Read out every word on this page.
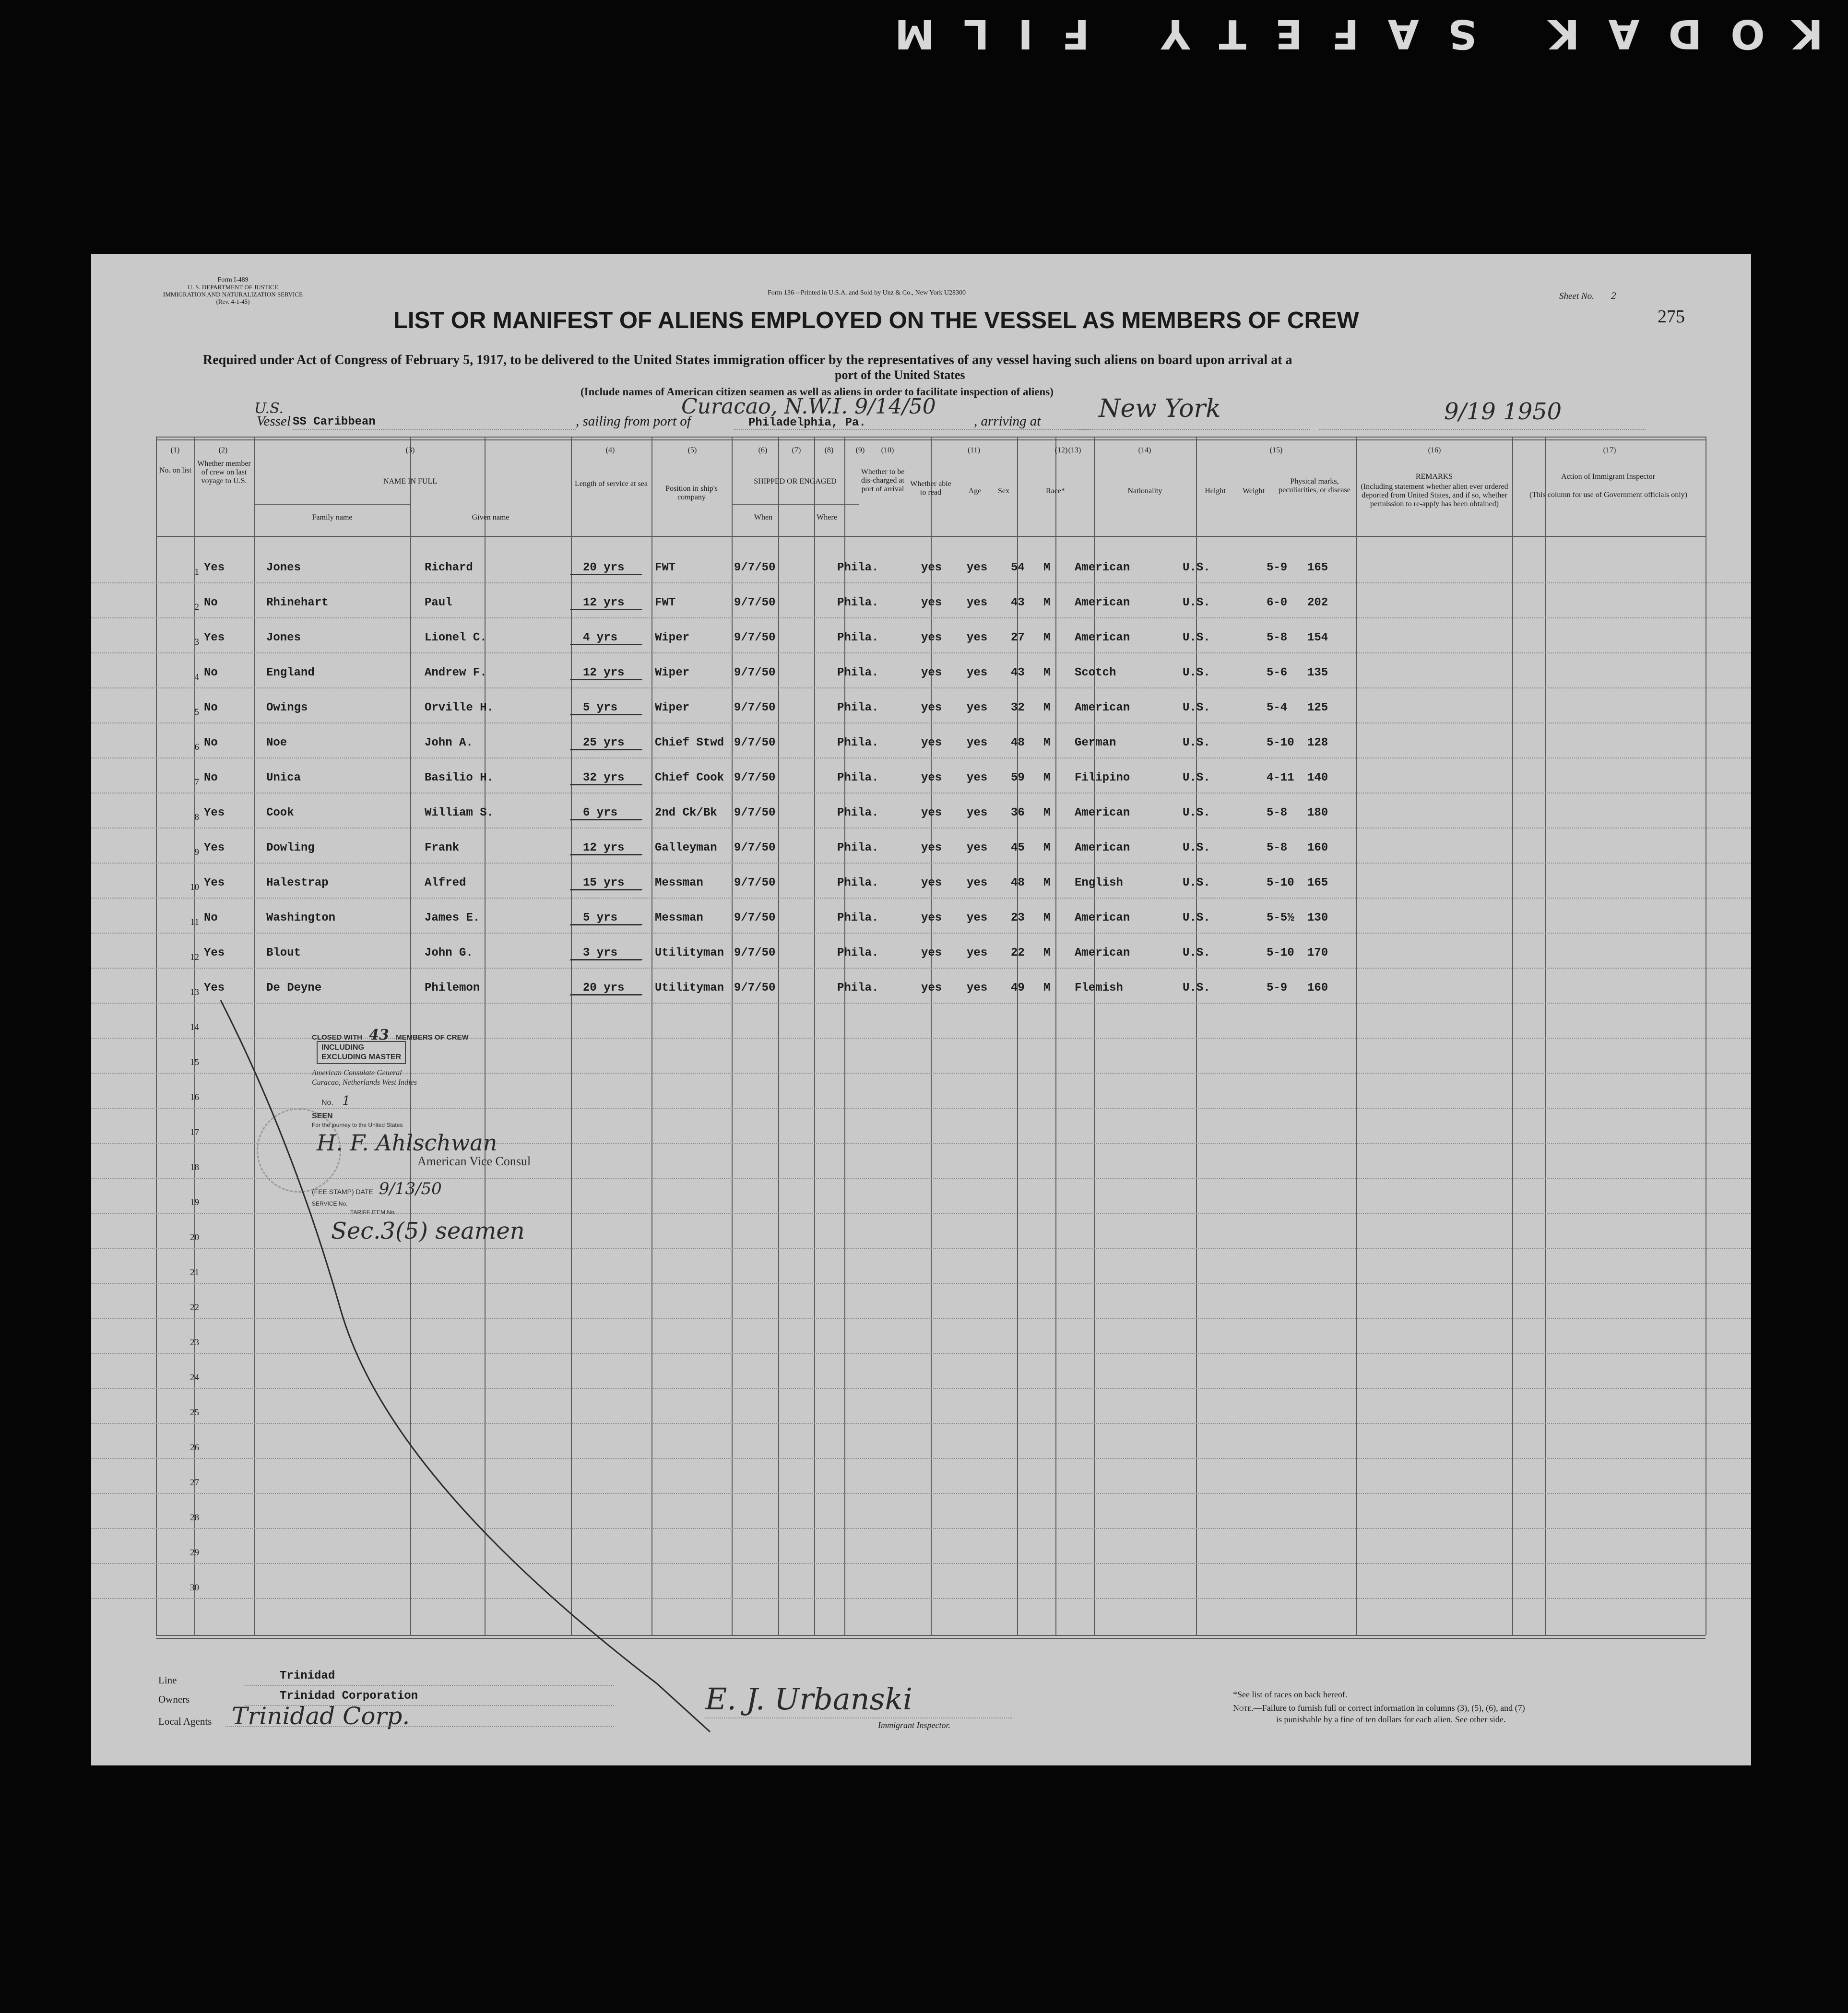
KODAK SAFETY FILM
Form I-489
U. S. DEPARTMENT OF JUSTICE
IMMIGRATION AND NATURALIZATION SERVICE
(Rev. 4-1-45)
Form 136—Printed in U.S.A. and Sold by Unz & Co., New York U28300	Sheet No. 2
275
LIST OR MANIFEST OF ALIENS EMPLOYED ON THE VESSEL AS MEMBERS OF CREW
Required under Act of Congress of February 5, 1917, to be delivered to the United States immigration officer by the representatives of any vessel having such aliens on board upon arrival at a
port of the United States
(Include names of American citizen seamen as well as aliens in order to facilitate inspection of aliens)
U.S.
Vessel SS Caribbean	, sailing from port of
Curacao, N.W.I. 9/14/50
Philadelphia, Pa.	, arriving at New York	9/19 1950
(1)	(2)	(3)	(4)	(5)	(6)	(7)	(8)	(9)	(10)	(11)	(12) (13)	(14)	(15)	(16)	(17)
No. on list
Whether member of crew on last voyage to U.S.	NAME IN FULL
Family name	Given name
Length of service at sea
Position in ship's company
SHIPPED OR ENGAGED
When	Where
Whether to be dis-charged at port of arrival
Whether able to read	Age	Sex	Race*	Nationality	Height	Weight
Physical marks, peculiarities, or disease
REMARKS
(Including statement whether alien ever ordered deported from United States, and if so, whether permission to re-apply has been obtained)
Action of Immigrant Inspector
(This column for use of Government officials only)
1 Yes	Jones	Richard	20 yrs	FWT	9/7/50	Phila.	yes yes 54 M American	U.S.	5-9 165
2 No	Rhinehart	Paul	12 yrs	FWT	9/7/50	Phila.	yes yes 43 M American	U.S.	6-0 202
3 Yes	Jones	Lionel C.	4 yrs	Wiper	9/7/50	Phila.	yes yes 27 M American	U.S.	5-8 154
4 No	England	Andrew F.	12 yrs	Wiper	9/7/50	Phila.	yes yes 43 M Scotch	U.S.	5-6 135
5 No	Owings	Orville H.	5 yrs	Wiper	9/7/50	Phila.	yes yes 32 M American	U.S.	5-4 125
6 No	Noe	John A.	25 yrs	Chief Stwd 9/7/50	Phila.	yes yes 48 M German	U.S.	5-10 128
7 No	Unica	Basilio H.	32 yrs	Chief Cook 9/7/50	Phila.	yes yes 59 M Filipino	U.S.	4-11 140
8 Yes	Cook	William S.	6 yrs	2nd Ck/Bk 9/7/50	Phila.	yes yes 36 M American	U.S.	5-8 180
9 Yes	Dowling	Frank	12 yrs	Galleyman 9/7/50	Phila.	yes yes 45 M American	U.S.	5-8 160
10 Yes	Halestrap	Alfred	15 yrs	Messman	9/7/50	Phila.	yes yes 48 M English	U.S.	5-10 165
11 No	Washington	James E.	5 yrs	Messman	9/7/50	Phila.	yes yes 23 M American	U.S.	5-5½ 130
12 Yes	Blout	John G.	3 yrs	Utilityman 9/7/50	Phila.	yes yes 22 M American	U.S.	5-10 170
13 Yes	De Deyne	Philemon	20 yrs	Utilityman 9/7/50	Phila.	yes yes 49 M Flemish	U.S.	5-9 160
14
15
16
17
18
19
20
21
22
23
24
25
26
27
28
29
30
CLOSED WITH 43 MEMBERS OF CREW
INCLUDING
EXCLUDING MASTER
American Consulate General
Curacao, Netherlands West Indies
No. 1
SEEN
For the journey to the United States
H. F. Ahlschwan
American Vice Consul
(FEE STAMP) DATE 9/13/50
SERVICE No.
TARIFF ITEM No.
Sec.3(5) seamen
Line	Trinidad
Owners	Trinidad Corporation
Local Agents Trinidad Corp.	E. J. Urbanski
Immigrant Inspector.
*See list of races on back hereof.
Note.—Failure to furnish full or correct information in columns (3), (5), (6), and (7)
is punishable by a fine of ten dollars for each alien. See other side.
